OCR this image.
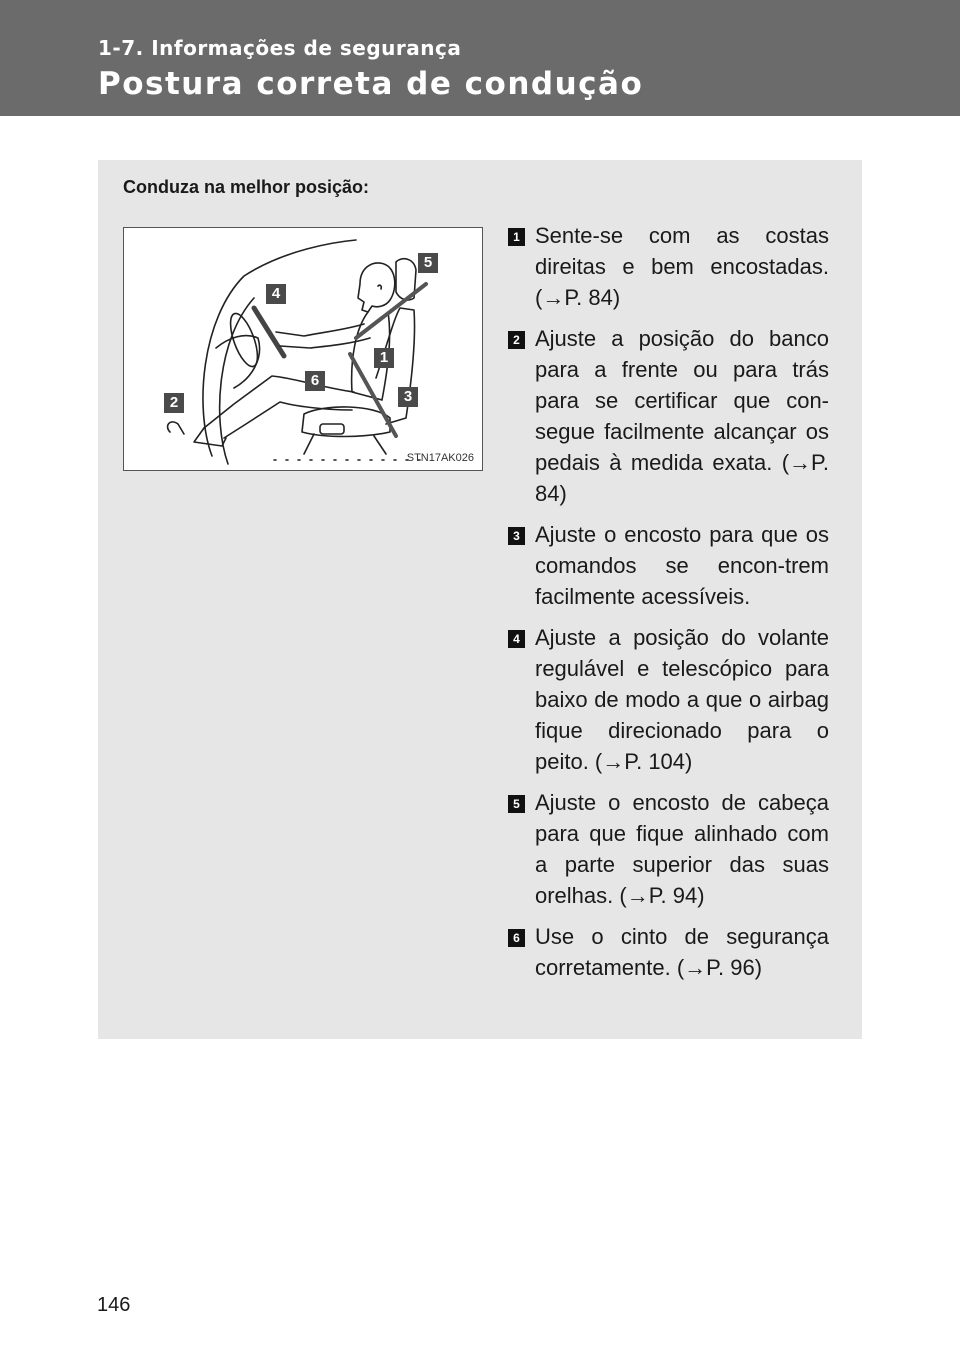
1-7. Informações de segurança
Postura correta de condução
Conduza na melhor posição:
1
2	3
4
5
6
STN17AK026
1 Sente-se com as costas direitas e bem encostadas. (→P. 84)
2 Ajuste a posição do banco para a frente ou para trás para se certificar que con-segue facilmente alcançar os pedais à medida exata. (→P. 84)
3 Ajuste o encosto para que os comandos se encon-trem facilmente acessíveis.
4 Ajuste a posição do volante regulável e telescópico para baixo de modo a que o airbag fique direcionado para o peito. (→P. 104)
5 Ajuste o encosto de cabeça para que fique alinhado com a parte superior das suas orelhas. (→P. 94)
6 Use o cinto de segurança corretamente. (→P. 96)
146
